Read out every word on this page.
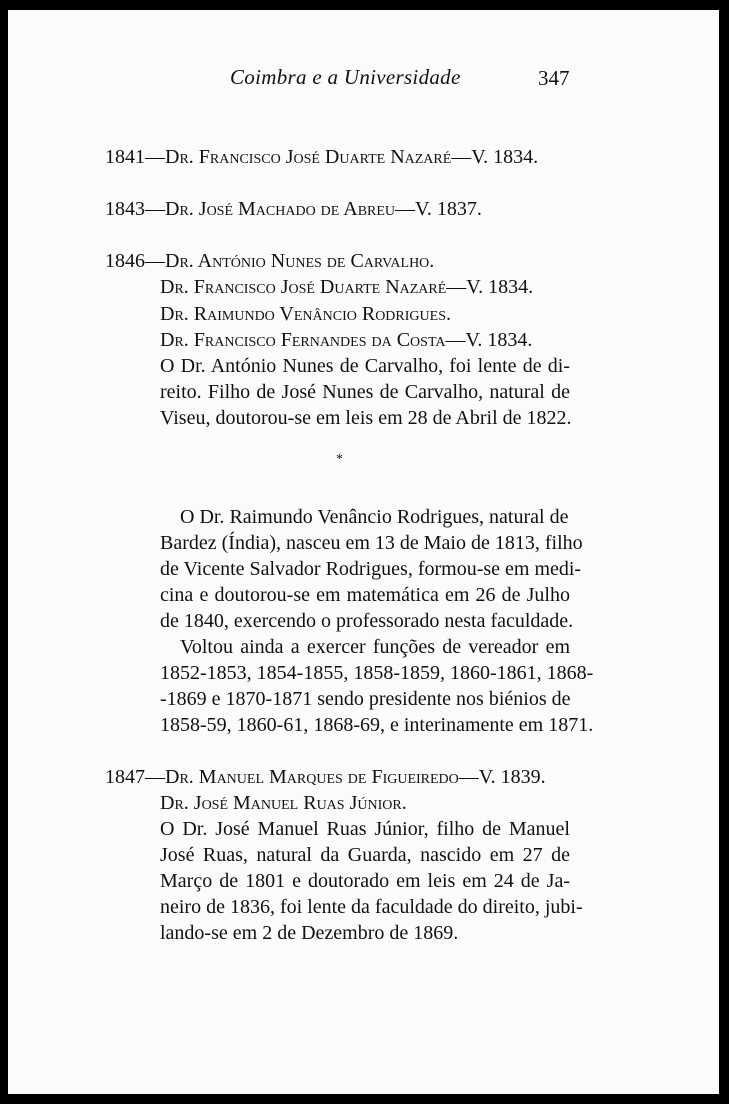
Coimbra e a Universidade	347
1841—Dr. Francisco José Duarte Nazaré—V. 1834.
1843—Dr. José Machado de Abreu—V. 1837.
1846—Dr. António Nunes de Carvalho.
Dr. Francisco José Duarte Nazaré—V. 1834.
Dr. Raimundo Venâncio Rodrigues.
Dr. Francisco Fernandes da Costa—V. 1834.
O Dr. António Nunes de Carvalho, foi lente de di-
reito. Filho de José Nunes de Carvalho, natural de
Viseu, doutorou-se em leis em 28 de Abril de 1822.
*
O Dr. Raimundo Venâncio Rodrigues, natural de
Bardez (Índia), nasceu em 13 de Maio de 1813, filho
de Vicente Salvador Rodrigues, formou-se em medi-
cina e doutorou-se em matemática em 26 de Julho
de 1840, exercendo o professorado nesta faculdade.
Voltou ainda a exercer funções de vereador em
1852-1853, 1854-1855, 1858-1859, 1860-1861, 1868-
-1869 e 1870-1871 sendo presidente nos biénios de
1858-59, 1860-61, 1868-69, e interinamente em 1871.
1847—Dr. Manuel Marques de Figueiredo—V. 1839.
Dr. José Manuel Ruas Júnior.
O Dr. José Manuel Ruas Júnior, filho de Manuel
José Ruas, natural da Guarda, nascido em 27 de
Março de 1801 e doutorado em leis em 24 de Ja-
neiro de 1836, foi lente da faculdade do direito, jubi-
lando-se em 2 de Dezembro de 1869.
